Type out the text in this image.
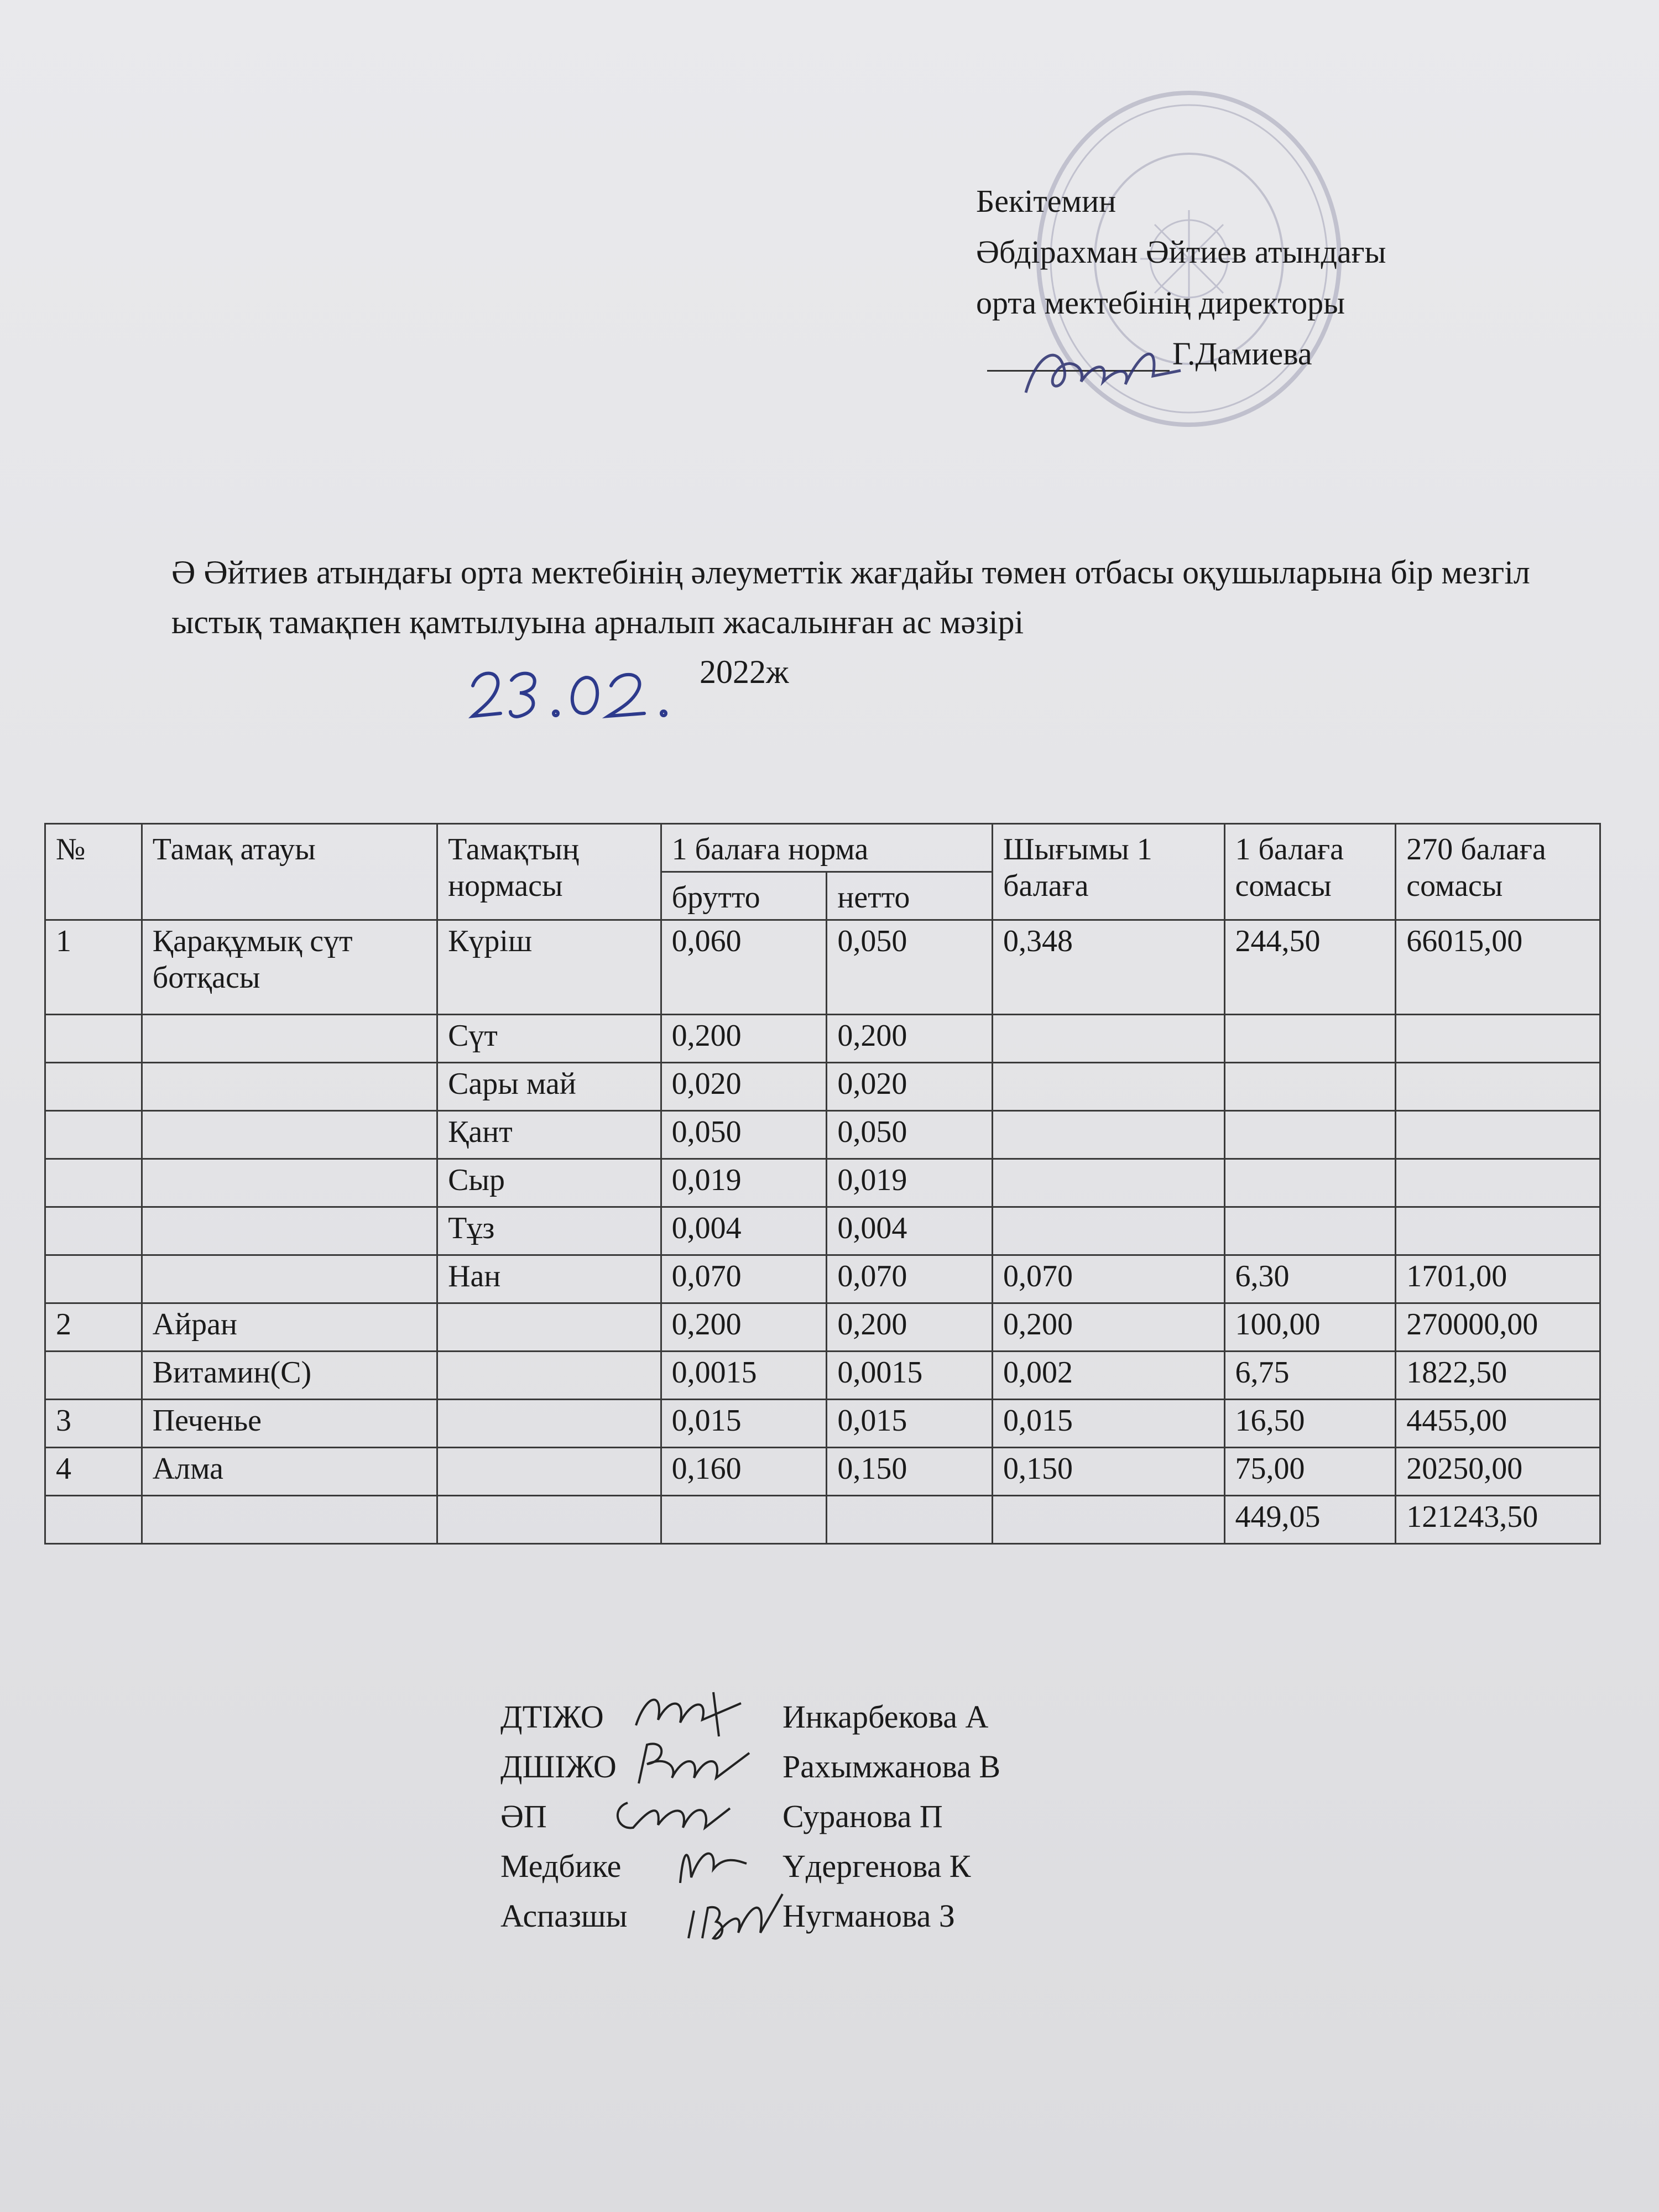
Бекітемин
Әбдірахман Әйтиев атындағы
орта мектебінің директоры
Г.Дамиева
Ә Әйтиев атындағы орта мектебінің әлеуметтік жағдайы төмен отбасы оқушыларына бір мезгіл ыстық тамақпен қамтылуына арналып жасалынған ас мәзірі
2022ж
№	Тамақ атауы	Тамақтың нормасы	1 балаға норма		Шығымы 1 балаға	1 балаға сомасы	270 балаға сомасы
			брутто	нетто			
1	Қарақұмық сүт ботқасы	Күріш	0,060	0,050	0,348	244,50	66015,00
		Сүт	0,200	0,200			
		Сары май	0,020	0,020			
		Қант	0,050	0,050			
		Сыр	0,019	0,019			
		Тұз	0,004	0,004			
		Нан	0,070	0,070	0,070	6,30	1701,00
2	Айран		0,200	0,200	0,200	100,00	270000,00
	Витамин(С)		0,0015	0,0015	0,002	6,75	1822,50
3	Печенье		0,015	0,015	0,015	16,50	4455,00
4	Алма		0,160	0,150	0,150	75,00	20250,00
						449,05	121243,50
ДТІЖО	Инкарбекова А
ДШІЖО	Рахымжанова В
ӘП	Суранова П
Медбике	Үдергенова К
Аспазшы	Нугманова З
